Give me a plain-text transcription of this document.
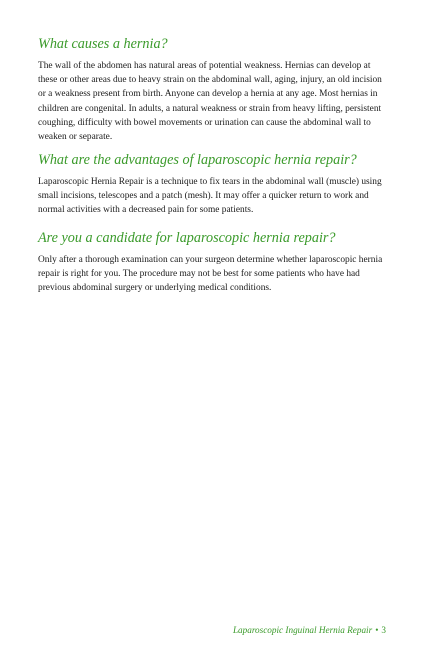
What causes a hernia?

The wall of the abdomen has natural areas of potential weakness. Hernias can develop at these or other areas due to heavy strain on the abdominal wall, aging, injury, an old incision or a weakness present from birth. Anyone can develop a hernia at any age. Most hernias in children are congenital. In adults, a natural weakness or strain from heavy lifting, persistent coughing, difficulty with bowel movements or urination can cause the abdominal wall to weaken or separate.

What are the advantages of laparoscopic hernia repair?

Laparoscopic Hernia Repair is a technique to fix tears in the abdominal wall (muscle) using small incisions, telescopes and a patch (mesh). It may offer a quicker return to work and normal activities with a decreased pain for some patients.

Are you a candidate for laparoscopic hernia repair?

Only after a thorough examination can your surgeon determine whether laparoscopic hernia repair is right for you. The procedure may not be best for some patients who have had previous abdominal surgery or underlying medical conditions.

Laparoscopic Inguinal Hernia Repair • 3
